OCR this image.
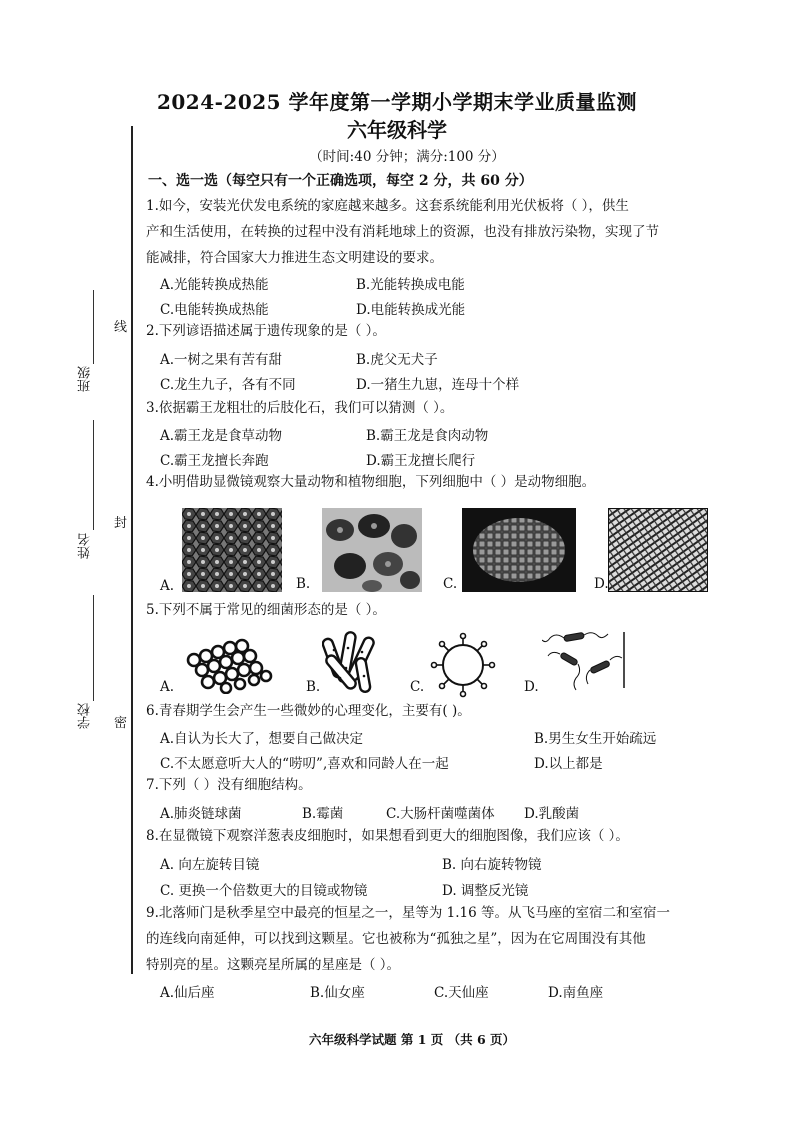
2024-2025 学年度第一学期小学期末学业质量监测
六年级科学
（时间:40 分钟；满分:100 分）
线
封
密
班级
姓名
学校
一、选一选（每空只有一个正确选项，每空 2 分，共 60 分）
1.如今，安装光伏发电系统的家庭越来越多。这套系统能利用光伏板将（ ），供生
产和生活使用，在转换的过程中没有消耗地球上的资源，也没有排放污染物，实现了节
能减排，符合国家大力推进生态文明建设的要求。
A.光能转换成热能	B.光能转换成电能
C.电能转换成热能	D.电能转换成光能
2.下列谚语描述属于遗传现象的是（ ）。
A.一树之果有苦有甜	B.虎父无犬子
C.龙生九子，各有不同	D.一猪生九崽，连母十个样
3.依据霸王龙粗壮的后肢化石，我们可以猜测（ ）。
A.霸王龙是食草动物	B.霸王龙是食肉动物
C.霸王龙擅长奔跑	D.霸王龙擅长爬行
4.小明借助显微镜观察大量动物和植物细胞，下列细胞中（ ）是动物细胞。
A.	B.	C.	D.
5.下列不属于常见的细菌形态的是（ ）。
A.	B.	C.	D.
6.青春期学生会产生一些微妙的心理变化，主要有( )。
A.自认为长大了，想要自己做决定	B.男生女生开始疏远
C.不太愿意听大人的“唠叨”,喜欢和同龄人在一起	D.以上都是
7.下列（ ）没有细胞结构。
A.肺炎链球菌	B.霉菌	C.大肠杆菌噬菌体 D.乳酸菌
8.在显微镜下观察洋葱表皮细胞时，如果想看到更大的细胞图像，我们应该（ ）。
A. 向左旋转目镜	B. 向右旋转物镜
C. 更换一个倍数更大的目镜或物镜	D. 调整反光镜
9.北落师门是秋季星空中最亮的恒星之一，星等为 1.16 等。从飞马座的室宿二和室宿一
的连线向南延伸，可以找到这颗星。它也被称为“孤独之星”，因为在它周围没有其他
特别亮的星。这颗亮星所属的星座是（ ）。
A.仙后座	B.仙女座	C.天仙座	D.南鱼座
六年级科学试题 第 1 页 （共 6 页）
